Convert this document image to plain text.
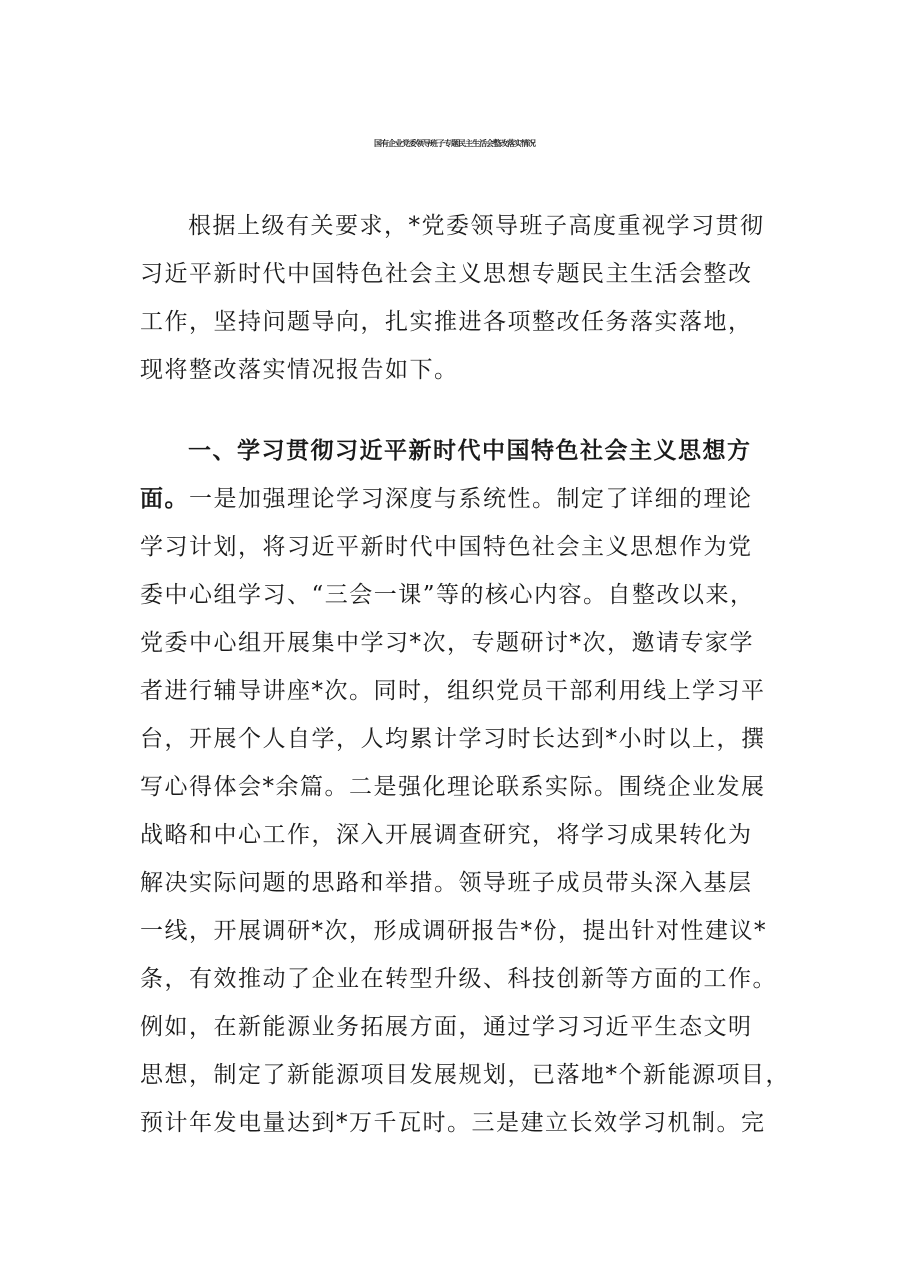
国有企业党委领导班子专题民主生活会整改落实情况
根据上级有关要求，*党委领导班子高度重视学习贯彻
习近平新时代中国特色社会主义思想专题民主生活会整改
工作，坚持问题导向，扎实推进各项整改任务落实落地，
现将整改落实情况报告如下。
一、学习贯彻习近平新时代中国特色社会主义思想方
面。一是加强理论学习深度与系统性。制定了详细的理论
学习计划，将习近平新时代中国特色社会主义思想作为党
委中心组学习、“三会一课”等的核心内容。自整改以来，
党委中心组开展集中学习*次，专题研讨*次，邀请专家学
者进行辅导讲座*次。同时，组织党员干部利用线上学习平
台，开展个人自学，人均累计学习时长达到*小时以上，撰
写心得体会*余篇。二是强化理论联系实际。围绕企业发展
战略和中心工作，深入开展调查研究，将学习成果转化为
解决实际问题的思路和举措。领导班子成员带头深入基层
一线，开展调研*次，形成调研报告*份，提出针对性建议*
条，有效推动了企业在转型升级、科技创新等方面的工作。
例如，在新能源业务拓展方面，通过学习习近平生态文明
思想，制定了新能源项目发展规划，已落地*个新能源项目，
预计年发电量达到*万千瓦时。三是建立长效学习机制。完
